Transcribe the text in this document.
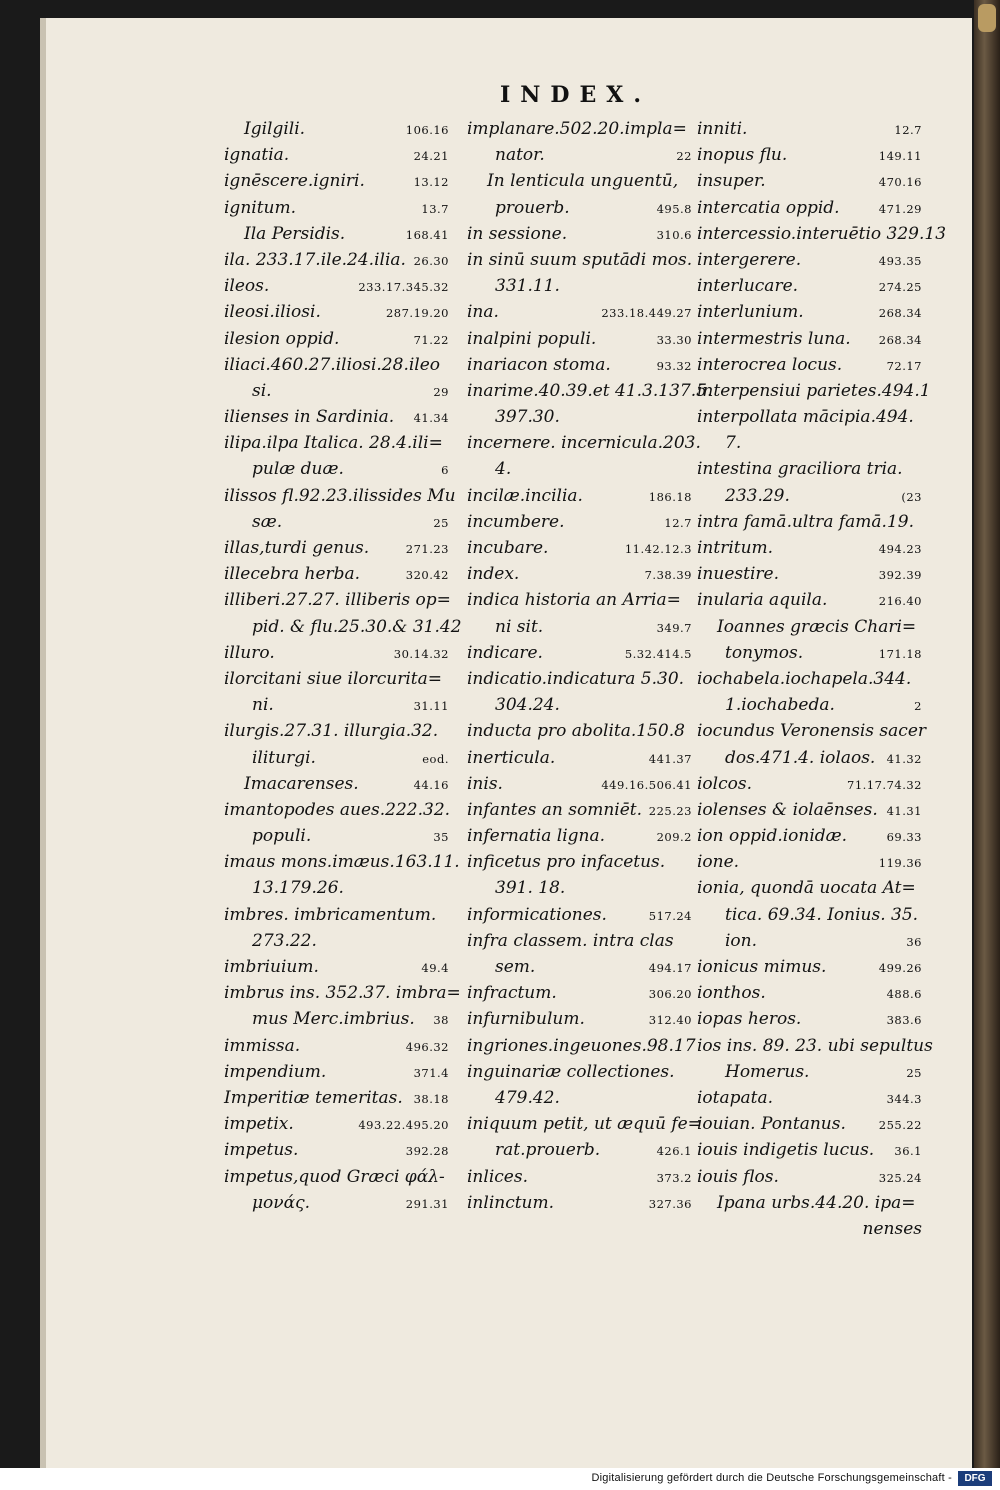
INDEX.
Igilgili.	106.16
ignatia.	24.21
ignēscere.igniri.	13.12
ignitum.	13.7
Ila Persidis.	168.41
ila. 233.17.ile.24.ilia. 26.30
ileos.	233.17.345.32
ileosi.iliosi.	287.19.20
ilesion oppid.	71.22
iliaci.460.27.iliosi.28.ileo
si.	29
ilienses in Sardinia. 41.34
ilipa.ilpa Italica. 28.4.ili=
pulæ duæ.	6
ilissos fl.92.23.ilissides Mu
sæ.	25
illas,turdi genus.	271.23
illecebra herba.	320.42
illiberi.27.27. illiberis op=
pid. & flu.25.30.& 31.42
illuro.	30.14.32
ilorcitani siue ilorcurita=
ni.	31.11
ilurgis.27.31. illurgia.32.
iliturgi.	eod.
Imacarenses.	44.16
imantopodes aues.222.32.
populi.	35
imaus mons.imæus.163.11.
13.179.26.
imbres. imbricamentum.
273.22.
imbriuium.	49.4
imbrus ins. 352.37. imbra=
mus Merc.imbrius. 38
immissa.	496.32
impendium.	371.4
Imperitiæ temeritas. 38.18
impetix.	493.22.495.20
impetus.	392.28
impetus,quod Græci φάλ-
μονάς.	291.31
implanare.502.20.impla=
nator.	22
In lenticula unguentū,
prouerb.	495.8
in sessione.	310.6
in sinū suum sputādi mos.
331.11.
ina.	233.18.449.27
inalpini populi.	33.30
inariacon stoma.	93.32
inarime.40.39.et 41.3.137.5.
397.30.
incernere. incernicula.203.
4.
incilæ.incilia.	186.18
incumbere.	12.7
incubare.	11.42.12.3
index.	7.38.39
indica historia an Arria=
ni sit.	349.7
indicare.	5.32.414.5
indicatio.indicatura 5.30.
304.24.
inducta pro abolita.150.8
inerticula.	441.37
inis.	449.16.506.41
infantes an somniēt. 225.23
infernatia ligna.	209.2
inficetus pro infacetus.
391. 18.
informicationes.	517.24
infra classem. intra clas
sem.	494.17
infractum.	306.20
infurnibulum.	312.40
ingriones.ingeuones.98.17
inguinariæ collectiones.
479.42.
iniquum petit, ut æquū fe=
rat.prouerb.	426.1
inlices.	373.2
inlinctum.	327.36
inniti.	12.7
inopus flu.	149.11
insuper.	470.16
intercatia oppid.	471.29
intercessio.interuētio 329.13
intergerere.	493.35
interlucare.	274.25
interlunium.	268.34
intermestris luna. 268.34
interocrea locus.	72.17
interpensiui parietes.494.1
interpollata mācipia.494.
7.
intestina graciliora tria.
233.29.	(23
intra famā.ultra famā.19.
intritum.	494.23
inuestire.	392.39
inularia aquila.	216.40
Ioannes græcis Chari=
tonymos.	171.18
iochabela.iochapela.344.
1.iochabeda.	2
iocundus Veronensis sacer
dos.471.4. iolaos. 41.32
iolcos.	71.17.74.32
iolenses & iolaēnses. 41.31
ion oppid.ionidæ.	69.33
ione.	119.36
ionia, quondā uocata At=
tica. 69.34. Ionius. 35.
ion.	36
ionicus mimus.	499.26
ionthos.	488.6
iopas heros.	383.6
ios ins. 89. 23. ubi sepultus
Homerus.	25
iotapata.	344.3
iouian. Pontanus.	255.22
iouis indigetis lucus. 36.1
iouis flos.	325.24
Ipana urbs.44.20. ipa=
nenses
Digitalisierung gefördert durch die Deutsche Forschungsgemeinschaft -	DFG
